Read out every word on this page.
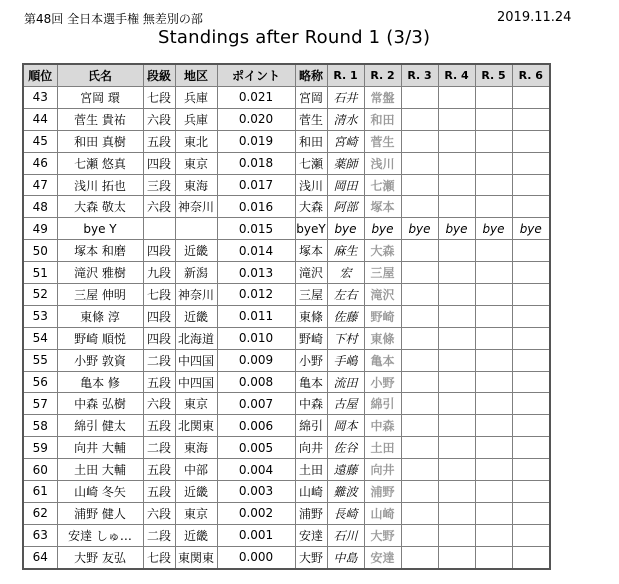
第48回 全日本選手権 無差別の部	2019.11.24
Standings after Round 1 (3/3)
順位	氏名	段級	地区	ポイント	略称	R. 1	R. 2	R. 3	R. 4	R. 5	R. 6
43	宮岡 環	七段	兵庫	0.021	宮岡	石井	常盤				
44	菅生 貴祐	六段	兵庫	0.020	菅生	清水	和田				
45	和田 真樹	五段	東北	0.019	和田	宮崎	菅生				
46	七瀬 悠真	四段	東京	0.018	七瀬	薬師	浅川				
47	浅川 拓也	三段	東海	0.017	浅川	岡田	七瀬				
48	大森 敬太	六段	神奈川	0.016	大森	阿部	塚本				
49	bye Y			0.015	byeY	bye	bye	bye	bye	bye	bye
50	塚本 和磨	四段	近畿	0.014	塚本	麻生	大森				
51	滝沢 雅樹	九段	新潟	0.013	滝沢	宏	三屋				
52	三屋 伸明	七段	神奈川	0.012	三屋	左右	滝沢				
53	東條 淳	四段	近畿	0.011	東條	佐藤	野崎				
54	野崎 順悦	四段	北海道	0.010	野崎	下村	東條				
55	小野 敦資	二段	中四国	0.009	小野	手嶋	亀本				
56	亀本 修	五段	中四国	0.008	亀本	流田	小野				
57	中森 弘樹	六段	東京	0.007	中森	古屋	綿引				
58	綿引 健太	五段	北関東	0.006	綿引	岡本	中森				
59	向井 大輔	二段	東海	0.005	向井	佐谷	土田				
60	土田 大輔	五段	中部	0.004	土田	遠藤	向井				
61	山崎 冬矢	五段	近畿	0.003	山崎	難波	浦野				
62	浦野 健人	六段	東京	0.002	浦野	長崎	山崎				
63	安達 しゅ…	二段	近畿	0.001	安達	石川	大野				
64	大野 友弘	七段	東関東	0.000	大野	中島	安達				
